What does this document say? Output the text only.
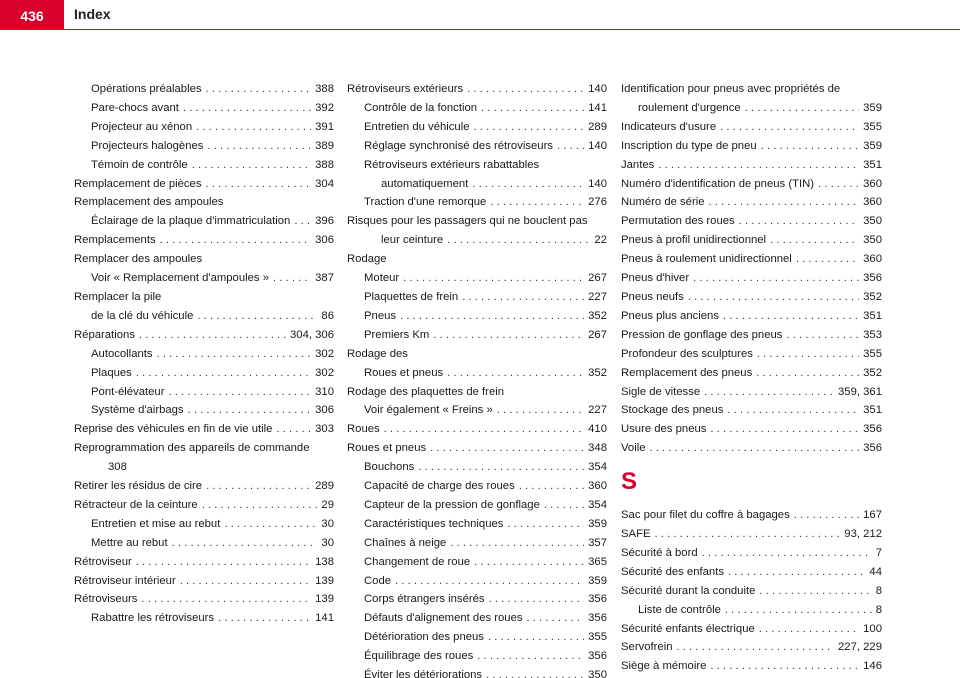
436	Index
Opérations préalables . . .	388
Pare-chocs avant . . .	392
Projecteur au xénon . . .	391
Projecteurs halogènes . . .	389
Témoin de contrôle . . .	388
Remplacement de pièces . . .	304
Remplacement des ampoules
Éclairage de la plaque d'immatriculation . . . 396
Remplacements . . .	306
Remplacer des ampoules
Voir « Remplacement d'ampoules » . . .	387
Remplacer la pile
de la clé du véhicule . . .	86
Réparations . . .	304, 306
Autocollants . . .	302
Plaques . . .	302
Pont-élévateur . . .	310
Système d'airbags . . .	306
Reprise des véhicules en fin de vie utile . . .	303
Reprogrammation des appareils de commande
308
Retirer les résidus de cire . . .	289
Rétracteur de la ceinture . . .	29
Entretien et mise au rebut . . .	30
Mettre au rebut . . .	30
Rétroviseur . . .	138
Rétroviseur intérieur . . .	139
Rétroviseurs . . .	139
Rabattre les rétroviseurs . . .	141
Rétroviseurs extérieurs . . .	140
Contrôle de la fonction . . .	141
Entretien du véhicule . . .	289
Réglage synchronisé des rétroviseurs . . .	140
Rétroviseurs extérieurs rabattables
automatiquement . . .	140
Traction d'une remorque . . .	276
Risques pour les passagers qui ne bouclent pas
leur ceinture . . .	22
Rodage
Moteur . . .	267
Plaquettes de frein . . .	227
Pneus . . .	352
Premiers Km . . .	267
Rodage des
Roues et pneus . . .	352
Rodage des plaquettes de frein
Voir également « Freins » . . .	227
Roues . . .	410
Roues et pneus . . .	348
Bouchons . . .	354
Capacité de charge des roues . . .	360
Capteur de la pression de gonflage . . .	354
Caractéristiques techniques . . .	359
Chaînes à neige . . .	357
Changement de roue . . .	365
Code . . .	359
Corps étrangers insérés . . .	356
Défauts d'alignement des roues . . .	356
Détérioration des pneus . . .	355
Équilibrage des roues . . .	356
Éviter les détériorations . . .	350
Identification pour pneus avec propriétés de
roulement d'urgence . . .	359
Indicateurs d'usure . . .	355
Inscription du type de pneu . . .	359
Jantes . . .	351
Numéro d'identification de pneus (TIN) . . .	360
Numéro de série . . .	360
Permutation des roues . . .	350
Pneus à profil unidirectionnel . . .	350
Pneus à roulement unidirectionnel . . .	360
Pneus d'hiver . . .	356
Pneus neufs . . .	352
Pneus plus anciens . . .	351
Pression de gonflage des pneus . . .	353
Profondeur des sculptures . . .	355
Remplacement des pneus . . .	352
Sigle de vitesse . . .	359, 361
Stockage des pneus . . .	351
Usure des pneus . . .	356
Voile . . .	356
S
Sac pour filet du coffre à bagages . . .	167
SAFE . . .	93, 212
Sécurité à bord . . .	7
Sécurité des enfants . . .	44
Sécurité durant la conduite . . .	8
Liste de contrôle . . .	8
Sécurité enfants électrique . . .	100
Servofrein . . .	227, 229
Siège à mémoire . . .	146
